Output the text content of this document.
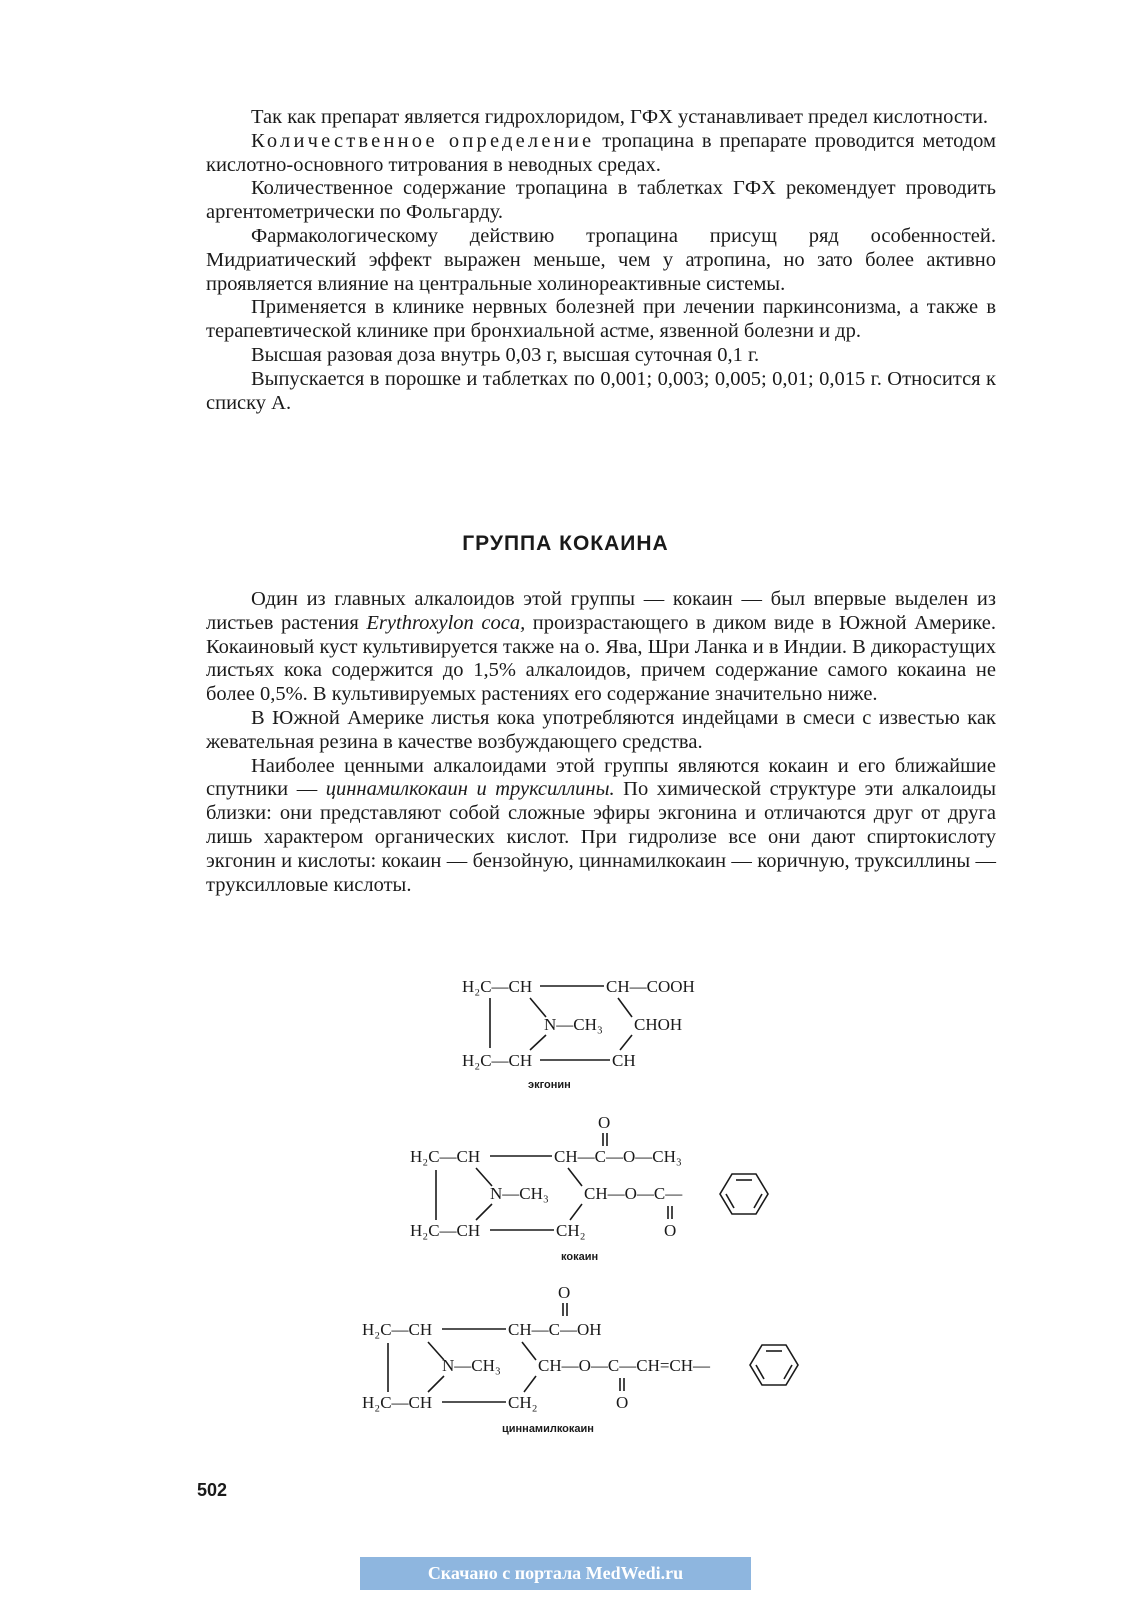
Так как препарат является гидрохлоридом, ГФХ устанавливает предел кислотности.

Количественное определение тропацина в препарате проводится методом кислотно-основного титрования в неводных средах.

Количественное содержание тропацина в таблетках ГФХ рекомендует проводить аргентометрически по Фольгарду.

Фармакологическому действию тропацина присущ ряд особенностей. Мидриатический эффект выражен меньше, чем у атропина, но зато более активно проявляется влияние на центральные холинореактивные системы.

Применяется в клинике нервных болезней при лечении паркинсонизма, а также в терапевтической клинике при бронхиальной астме, язвенной болезни и др.

Высшая разовая доза внутрь 0,03 г, высшая суточная 0,1 г.

Выпускается в порошке и таблетках по 0,001; 0,003; 0,005; 0,01; 0,015 г. Относится к списку А.

ГРУППА КОКАИНА

Один из главных алкалоидов этой группы — кокаин — был впервые выделен из листьев растения Erythroxylon coca, произрастающего в диком виде в Южной Америке. Кокаиновый куст культивируется также на о. Ява, Шри Ланка и в Индии. В дикорастущих листьях кока содержится до 1,5% алкалоидов, причем содержание самого кокаина не более 0,5%. В культивируемых растениях его содержание значительно ниже.

В Южной Америке листья кока употребляются индейцами в смеси с известью как жевательная резина в качестве возбуждающего средства.

Наиболее ценными алкалоидами этой группы являются кокаин и его ближайшие спутники — циннамилкокаин и труксиллины. По химической структуре эти алкалоиды близки: они представляют собой сложные эфиры экгонина и отличаются друг от друга лишь характером органических кислот. При гидролизе все они дают спиртокислоту экгонин и кислоты: кокаин — бензойную, циннамилкокаин — коричную, труксиллины — труксилловые кислоты.

H₂C—CH	CH—COOH
N—CH₃ CHOH
H₂C—CH	CH
экгонин
O
H₂C—CH	CH—C—O—CH₃
N—CH₃ CH—O—C—
O
H₂C—CH	CH₂
кокаин
O
H₂C—CH	CH—C—OH
N—CH₃ CH—O—C—CH=CH—
O
H₂C—CH	CH₂
циннамилкокаин
502
Скачано с портала MedWedi.ru
